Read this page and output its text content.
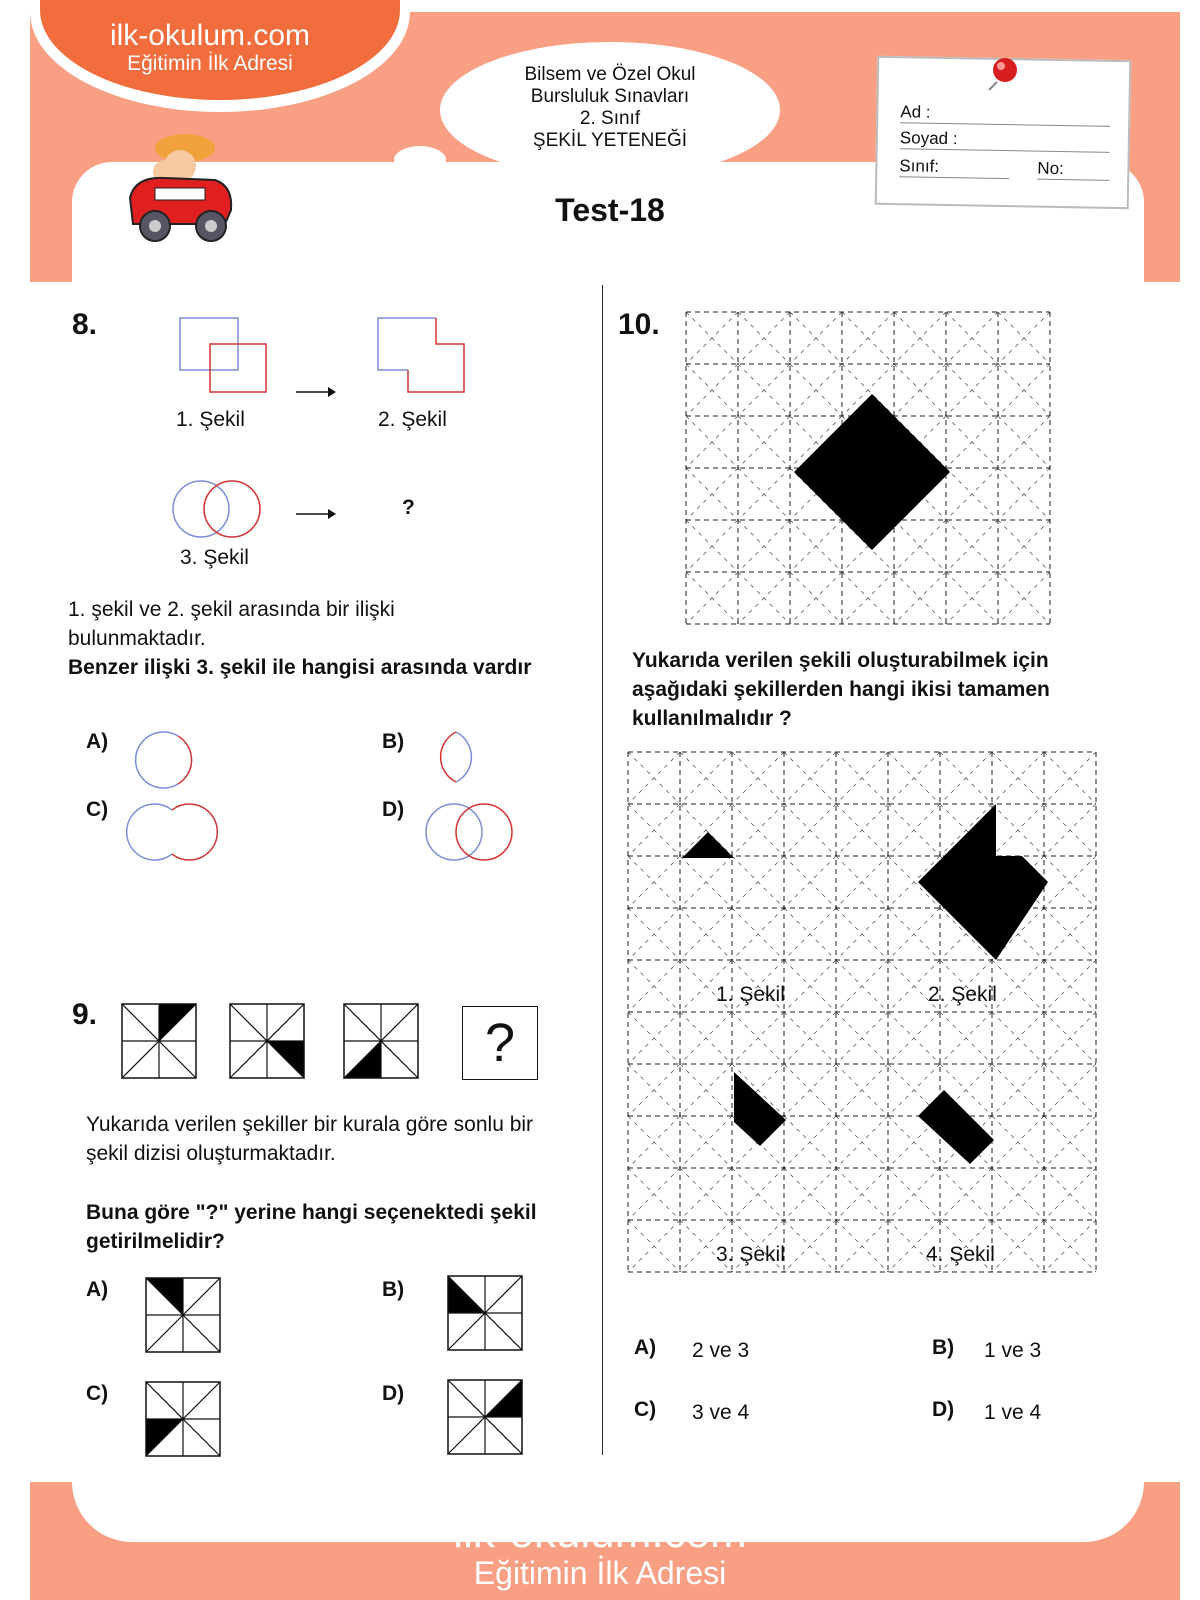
ilk-okulum.com
Eğitimin İlk Adresi	Bilsem ve Özel Okul
Bursluluk Sınavları
2. Sınıf
ŞEKİL YETENEĞİ
Test-18
Ad :
Soyad :
Sınıf:	No:
8.
1. Şekil	2. Şekil
?
3. Şekil
1. şekil ve 2. şekil arasında bir ilişki bulunmaktadır.
Benzer ilişki 3. şekil ile hangisi arasında vardır
A)	B)
C)	D)
9.	?
Yukarıda verilen şekiller bir kurala göre sonlu bir şekil dizisi oluşturmaktadır.
Buna göre "?" yerine hangi seçenektedi şekil getirilmelidir?
A)	B)
C)	D)
10.
Yukarıda verilen şekili oluşturabilmek için aşağıdaki şekillerden hangi ikisi tamamen kullanılmalıdır ?
1. Şekil	2. Şekil
3. Şekil	4. Şekil
A) 2 ve 3	B) 1 ve 3
C) 3 ve 4	D) 1 ve 4
ilk-okulum.com
Eğitimin İlk Adresi
